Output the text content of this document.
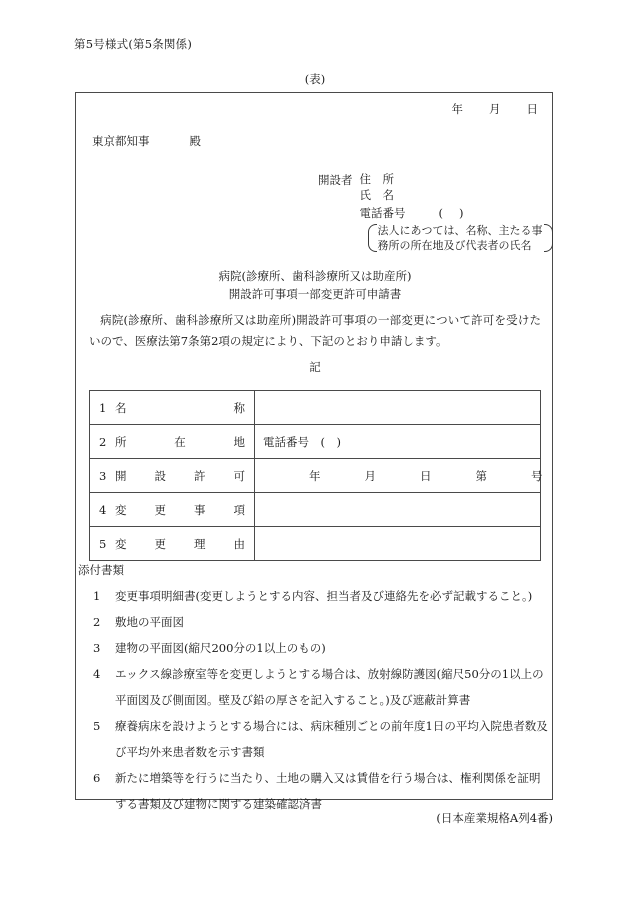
第5号様式(第5条関係)
(表)
年 月 日
東京都知事	殿
開設者 住　所
氏　名
電話番号	( )
法人にあつては、名称、主たる事
務所の所在地及び代表者の氏名
病院(診療所、歯科診療所又は助産所)
開設許可事項一部変更許可申請書
病院(診療所、歯科診療所又は助産所)開設許可事項の一部変更について許可を受けたいので、医療法第7条第2項の規定により、下記のとおり申請します。
記
1 名 称	

2 所 在 地	電話番号　(　)

3 開 設 許 可	年 月 日 第 号

4 変 更 事 項	

5 変 更 理 由	

添付書類
1	変更事項明細書(変更しようとする内容、担当者及び連絡先を必ず記載すること。)
2	敷地の平面図
3	建物の平面図(縮尺200分の1以上のもの)
4	エックス線診療室等を変更しようとする場合は、放射線防護図(縮尺50分の1以上の
平面図及び側面図。壁及び鉛の厚さを記入すること。)及び遮蔽計算書
5	療養病床を設けようとする場合には、病床種別ごとの前年度1日の平均入院患者数及
び平均外来患者数を示す書類
6	新たに増築等を行うに当たり、土地の購入又は賃借を行う場合は、権利関係を証明
する書類及び建物に関する建築確認済書
(日本産業規格A列4番)
